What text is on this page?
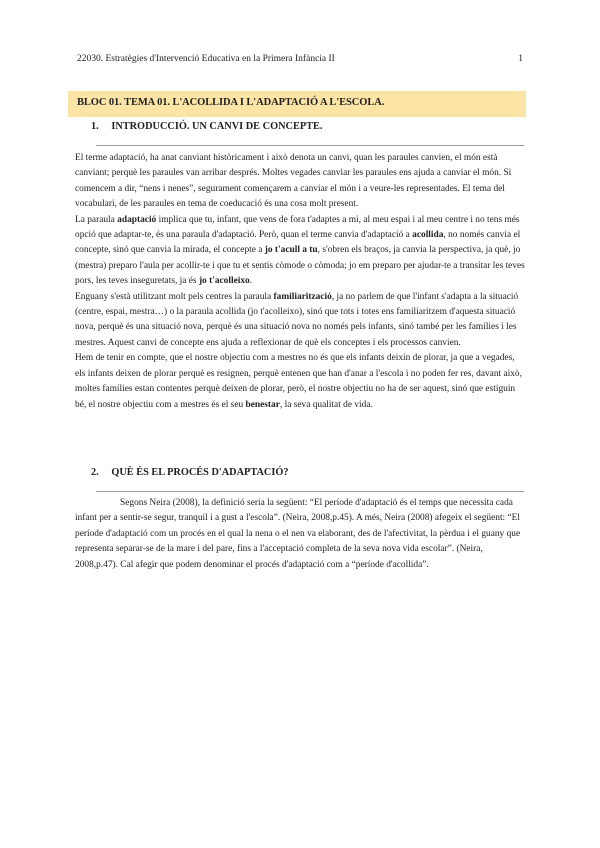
22030. Estratègies d'Intervenció Educativa en la Primera Infància II	1
BLOC 01. TEMA 01. L'ACOLLIDA I L'ADAPTACIÓ A L'ESCOLA.
1. INTRODUCCIÓ. UN CANVI DE CONCEPTE.

El terme adaptació, ha anat canviant històricament i això denota un canvi, quan les paraules canvien, el món està canviant; perquè les paraules van arribar després. Moltes vegades canviar les paraules ens ajuda a canviar el món. Si comencem a dir, “nens i nenes”, segurament començarem a canviar el món i a veure-les representades. El tema del vocabulari, de les paraules en tema de coeducació és una cosa molt present.

La paraula adaptació implica que tu, infant, que vens de fora t'adaptes a mi, al meu espai i al meu centre i no tens més opció que adaptar-te, és una paraula d'adaptació. Però, quan el terme canvia d'adaptació a acollida, no només canvia el concepte, sinó que canvia la mirada, el concepte a jo t'acull a tu, s'obren els braços, ja canvia la perspectiva, ja què, jo (mestra) preparo l'aula per acollir-te i que tu et sentis còmode o còmoda; jo em preparo per ajudar-te a transitar les teves pors, les teves inseguretats, ja és jo t'acolleixo.

Enguany s'està utilitzant molt pels centres la paraula familiarització, ja no parlem de que l'infant s'adapta a la situació (centre, espai, mestra…) o la paraula acollida (jo t'acolleixo), sinó que tots i totes ens familiaritzem d'aquesta situació nova, perquè és una situació nova, perquè és una situació nova no només pels infants, sinó també per les famílies i les mestres. Aquest canvi de concepte ens ajuda a reflexionar de què els conceptes i els processos canvien.

Hem de tenir en compte, que el nostre objectiu com a mestres no és que els infants deixin de plorar, ja que a vegades, els infants deixen de plorar perquè es resignen, perquè entenen que han d'anar a l'escola i no poden fer res, davant això, moltes famílies estan contentes perquè deixen de plorar, però, el nostre objectiu no ha de ser aquest, sinó que estiguin bé, el nostre objectiu com a mestres és el seu benestar, la seva qualitat de vida.

2. QUÈ ÉS EL PROCÉS D'ADAPTACIÓ?

Segons Neira (2008), la definició seria la següent: “El període d'adaptació és el temps que necessita cada infant per a sentir-se segur, tranquil i a gust a l'escola”. (Neira, 2008,p.45). A més, Neira (2008) afegeix el següent: “El període d'adaptació com un procés en el qual la nena o el nen va elaborant, des de l'afectivitat, la pèrdua i el guany que representa separar-se de la mare i del pare, fins a l'acceptació completa de la seva nova vida escolar”. (Neira, 2008,p.47). Cal afegir que podem denominar el procés d'adaptació com a “període d'acollida”.
